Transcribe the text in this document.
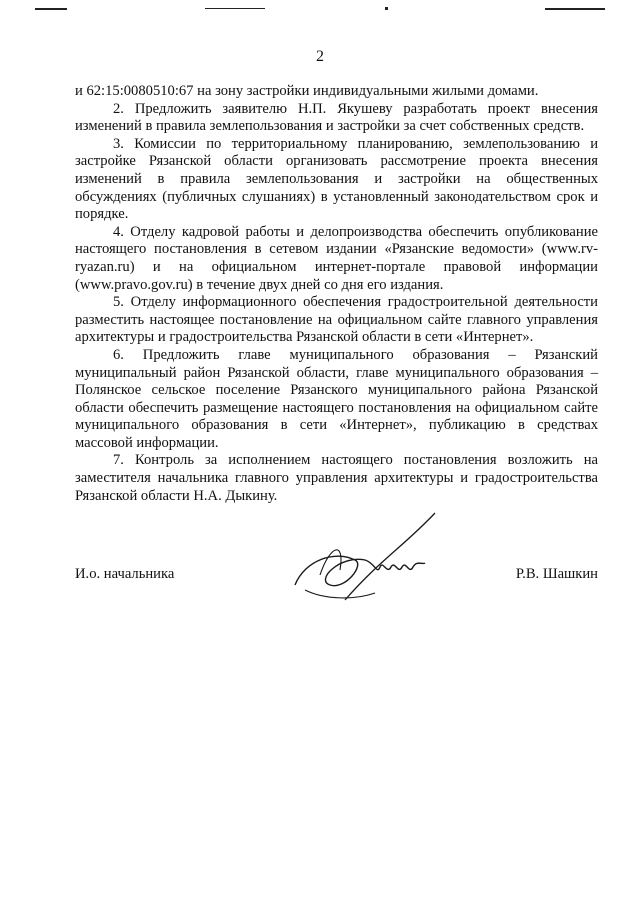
2

и 62:15:0080510:67 на зону застройки индивидуальными жилыми домами.

2. Предложить заявителю Н.П. Якушеву разработать проект внесения изменений в правила землепользования и застройки за счет собственных средств.

3. Комиссии по территориальному планированию, землепользованию и застройке Рязанской области организовать рассмотрение проекта внесения изменений в правила землепользования и застройки на общественных обсуждениях (публичных слушаниях) в установленный законодательством срок и порядке.

4. Отделу кадровой работы и делопроизводства обеспечить опубликование настоящего постановления в сетевом издании «Рязанские ведомости» (www.rv-ryazan.ru) и на официальном интернет-портале правовой информации (www.pravo.gov.ru) в течение двух дней со дня его издания.

5. Отделу информационного обеспечения градостроительной деятельности разместить настоящее постановление на официальном сайте главного управления архитектуры и градостроительства Рязанской области в сети «Интернет».

6. Предложить главе муниципального образования – Рязанский муниципальный район Рязанской области, главе муниципального образования – Полянское сельское поселение Рязанского муниципального района Рязанской области обеспечить размещение настоящего постановления на официальном сайте муниципального образования в сети «Интернет», публикацию в средствах массовой информации.

7. Контроль за исполнением настоящего постановления возложить на заместителя начальника главного управления архитектуры и градостроительства Рязанской области Н.А. Дыкину.

И.о. начальника	Р.В. Шашкин
